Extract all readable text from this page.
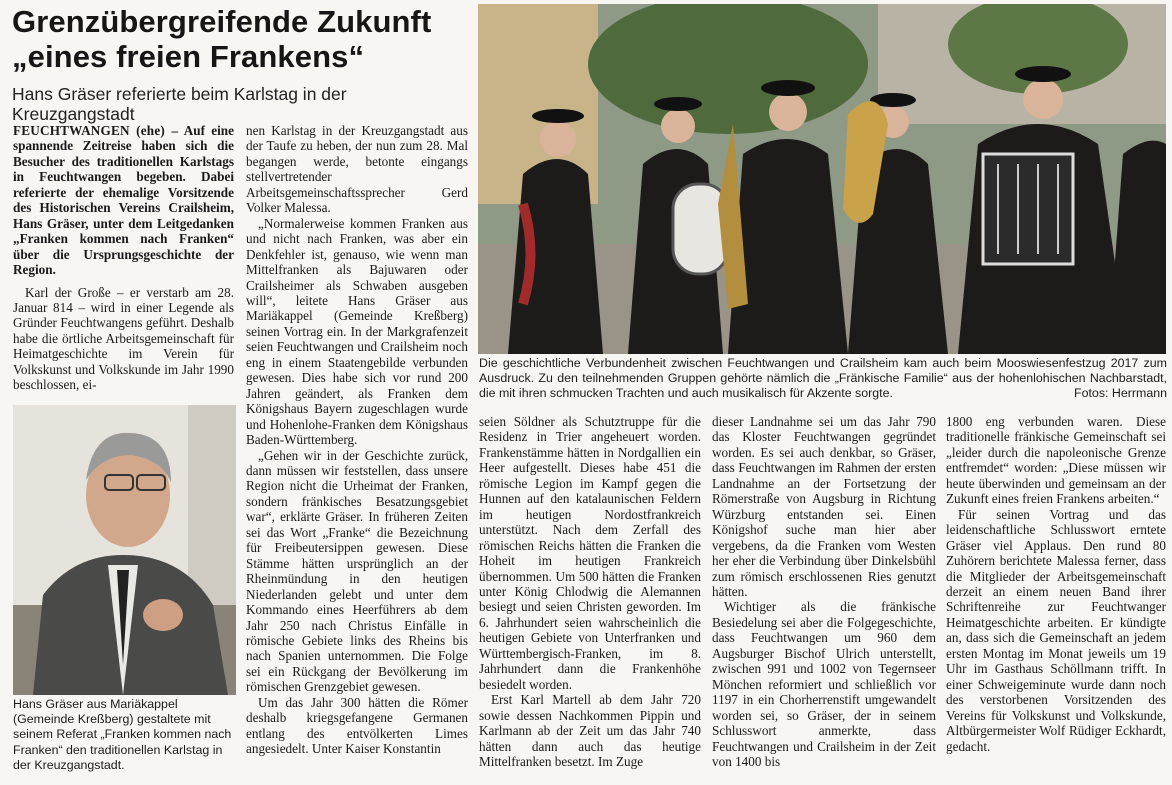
Grenzübergreifende Zukunft „eines freien Frankens“
Hans Gräser referierte beim Karlstag in der Kreuzgangstadt

FEUCHTWANGEN (ehe) – Auf eine spannende Zeitreise haben sich die Besucher des traditionellen Karlstags in Feuchtwangen begeben. Dabei referierte der ehemalige Vorsitzende des Historischen Vereins Crailsheim, Hans Gräser, unter dem Leitgedanken „Franken kommen nach Franken“ über die Ursprungsgeschichte der Region.

Karl der Große – er verstarb am 28. Januar 814 – wird in einer Legende als Gründer Feuchtwangens geführt. Deshalb habe die örtliche Arbeitsgemeinschaft für Heimatgeschichte im Verein für Volkskunst und Volkskunde im Jahr 1990 beschlossen, ei-

Hans Gräser aus Mariäkappel (Gemeinde Kreßberg) gestaltete mit seinem Referat „Franken kommen nach Franken“ den traditionellen Karlstag in der Kreuzgangstadt.

nen Karlstag in der Kreuzgangstadt aus der Taufe zu heben, der nun zum 28. Mal begangen werde, betonte eingangs stellvertretender Arbeitsgemeinschaftssprecher Gerd Volker Malessa.

„Normalerweise kommen Franken aus und nicht nach Franken, was aber ein Denkfehler ist, genauso, wie wenn man Mittelfranken als Bajuwaren oder Crailsheimer als Schwaben ausgeben will“, leitete Hans Gräser aus Mariäkappel (Gemeinde Kreßberg) seinen Vortrag ein. In der Markgrafenzeit seien Feuchtwangen und Crailsheim noch eng in einem Staatengebilde verbunden gewesen. Dies habe sich vor rund 200 Jahren geändert, als Franken dem Königshaus Bayern zugeschlagen wurde und Hohenlohe-Franken dem Königshaus Baden-Württemberg.

„Gehen wir in der Geschichte zurück, dann müssen wir feststellen, dass unsere Region nicht die Urheimat der Franken, sondern fränkisches Besatzungsgebiet war“, erklärte Gräser. In früheren Zeiten sei das Wort „Franke“ die Bezeichnung für Freibeutersippen gewesen. Diese Stämme hätten ursprünglich an der Rheinmündung in den heutigen Niederlanden gelebt und unter dem Kommando eines Heerführers ab dem Jahr 250 nach Christus Einfälle in römische Gebiete links des Rheins bis nach Spanien unternommen. Die Folge sei ein Rückgang der Bevölkerung im römischen Grenzgebiet gewesen.

Um das Jahr 300 hätten die Römer deshalb kriegsgefangene Germanen entlang des entvölkerten Limes angesiedelt. Unter Kaiser Konstantin

Die geschichtliche Verbundenheit zwischen Feuchtwangen und Crailsheim kam auch beim Mooswiesenfestzug 2017 zum Ausdruck. Zu den teilnehmenden Gruppen gehörte nämlich die „Fränkische Familie“ aus der hohenlohischen Nachbarstadt, die mit ihren schmucken Trachten und auch musikalisch für Akzente sorgte.	Fotos: Herrmann

seien Söldner als Schutztruppe für die Residenz in Trier angeheuert worden. Frankenstämme hätten in Nordgallien ein Heer aufgestellt. Dieses habe 451 die römische Legion im Kampf gegen die Hunnen auf den katalaunischen Feldern im heutigen Nordostfrankreich unterstützt. Nach dem Zerfall des römischen Reichs hätten die Franken die Hoheit im heutigen Frankreich übernommen. Um 500 hätten die Franken unter König Chlodwig die Alemannen besiegt und seien Christen geworden. Im 6. Jahrhundert seien wahrscheinlich die heutigen Gebiete von Unterfranken und Württembergisch-Franken, im 8. Jahrhundert dann die Frankenhöhe besiedelt worden.

Erst Karl Martell ab dem Jahr 720 sowie dessen Nachkommen Pippin und Karlmann ab der Zeit um das Jahr 740 hätten dann auch das heutige Mittelfranken besetzt. Im Zuge

dieser Landnahme sei um das Jahr 790 das Kloster Feuchtwangen gegründet worden. Es sei auch denkbar, so Gräser, dass Feuchtwangen im Rahmen der ersten Landnahme an der Fortsetzung der Römerstraße von Augsburg in Richtung Würzburg entstanden sei. Einen Königshof suche man hier aber vergebens, da die Franken vom Westen her eher die Verbindung über Dinkelsbühl zum römisch erschlossenen Ries genutzt hätten.

Wichtiger als die fränkische Besiedelung sei aber die Folgegeschichte, dass Feuchtwangen um 960 dem Augsburger Bischof Ulrich unterstellt, zwischen 991 und 1002 von Tegernseer Mönchen reformiert und schließlich vor 1197 in ein Chorherrenstift umgewandelt worden sei, so Gräser, der in seinem Schlusswort anmerkte, dass Feuchtwangen und Crailsheim in der Zeit von 1400 bis

1800 eng verbunden waren. Diese traditionelle fränkische Gemeinschaft sei „leider durch die napoleonische Grenze entfremdet“ worden: „Diese müssen wir heute überwinden und gemeinsam an der Zukunft eines freien Frankens arbeiten.“

Für seinen Vortrag und das leidenschaftliche Schlusswort erntete Gräser viel Applaus. Den rund 80 Zuhörern berichtete Malessa ferner, dass die Mitglieder der Arbeitsgemeinschaft derzeit an einem neuen Band ihrer Schriftenreihe zur Feuchtwanger Heimatgeschichte arbeiten. Er kündigte an, dass sich die Gemeinschaft an jedem ersten Montag im Monat jeweils um 19 Uhr im Gasthaus Schöllmann trifft. In einer Schweigeminute wurde dann noch des verstorbenen Vorsitzenden des Vereins für Volkskunst und Volkskunde, Altbürgermeister Wolf Rüdiger Eckhardt, gedacht.
